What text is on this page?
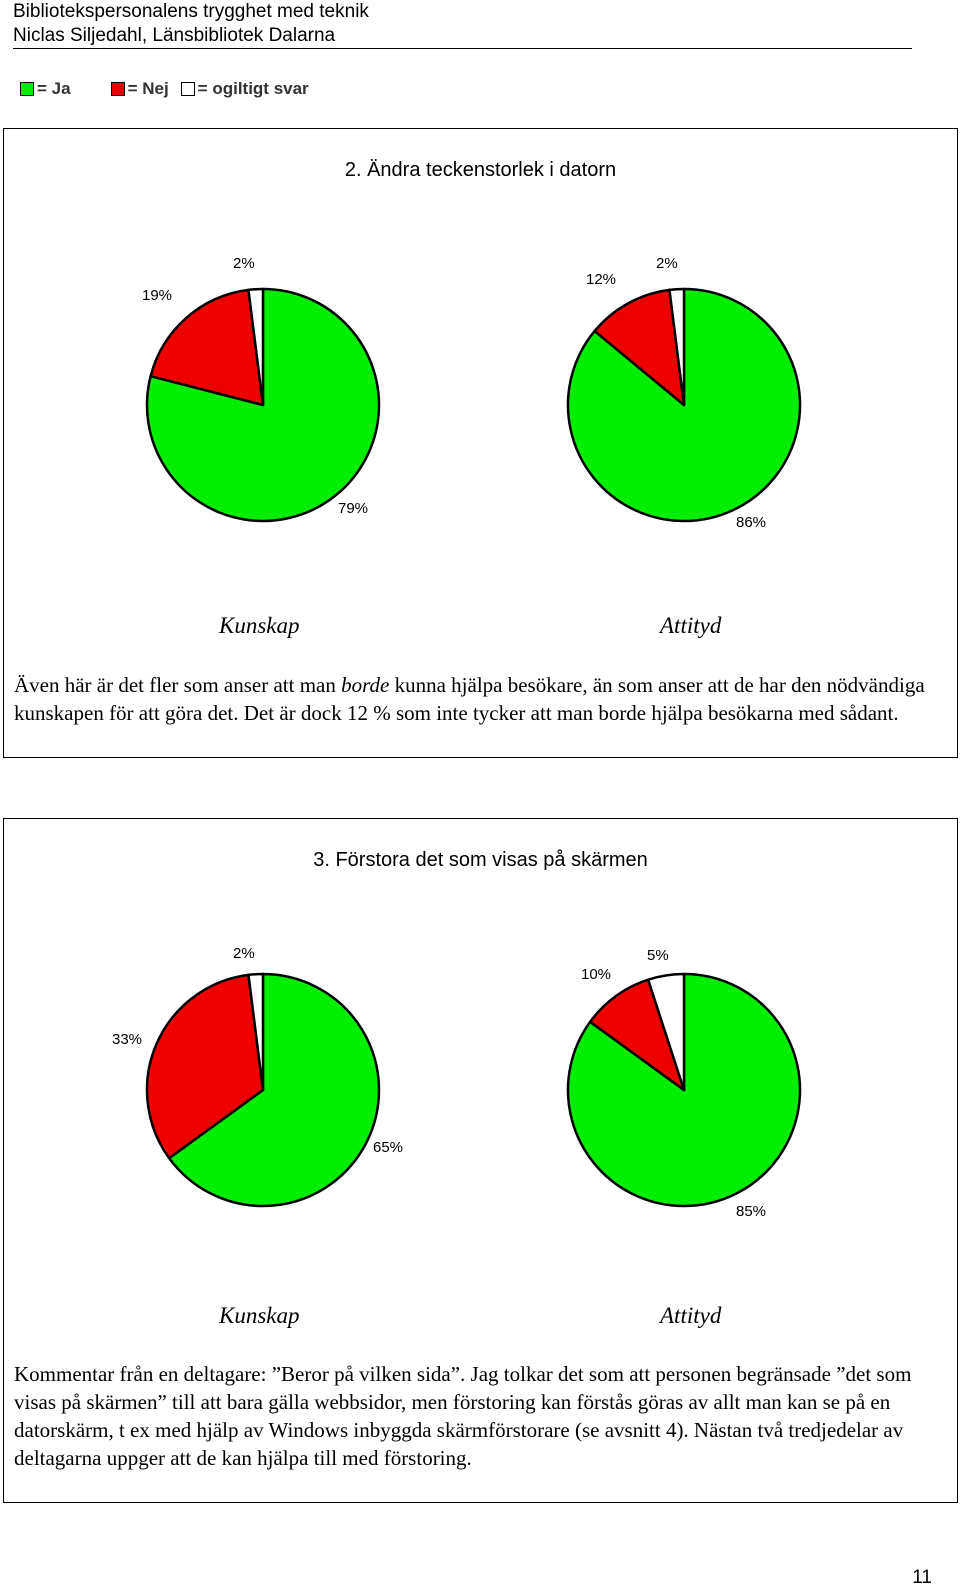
Bibliotekspersonalens trygghet med teknik
Niclas Siljedahl, Länsbibliotek Dalarna
= Ja	= Nej = ogiltigt svar
2. Ändra teckenstorlek i datorn
19%
2%
79%
Kunskap
12%
2%
86%
Attityd
Även här är det fler som anser att man borde kunna hjälpa besökare, än som anser att de har den nödvändiga kunskapen för att göra det. Det är dock 12 % som inte tycker att man borde hjälpa besökarna med sådant.
3. Förstora det som visas på skärmen
33%
2%
65%
Kunskap
10%
5%
85%
Attityd
Kommentar från en deltagare: ”Beror på vilken sida”. Jag tolkar det som att personen begränsade ”det som visas på skärmen” till att bara gälla webbsidor, men förstoring kan förstås göras av allt man kan se på en datorskärm, t ex med hjälp av Windows inbyggda skärmförstorare (se avsnitt 4). Nästan två tredjedelar av deltagarna uppger att de kan hjälpa till med förstoring.
11
